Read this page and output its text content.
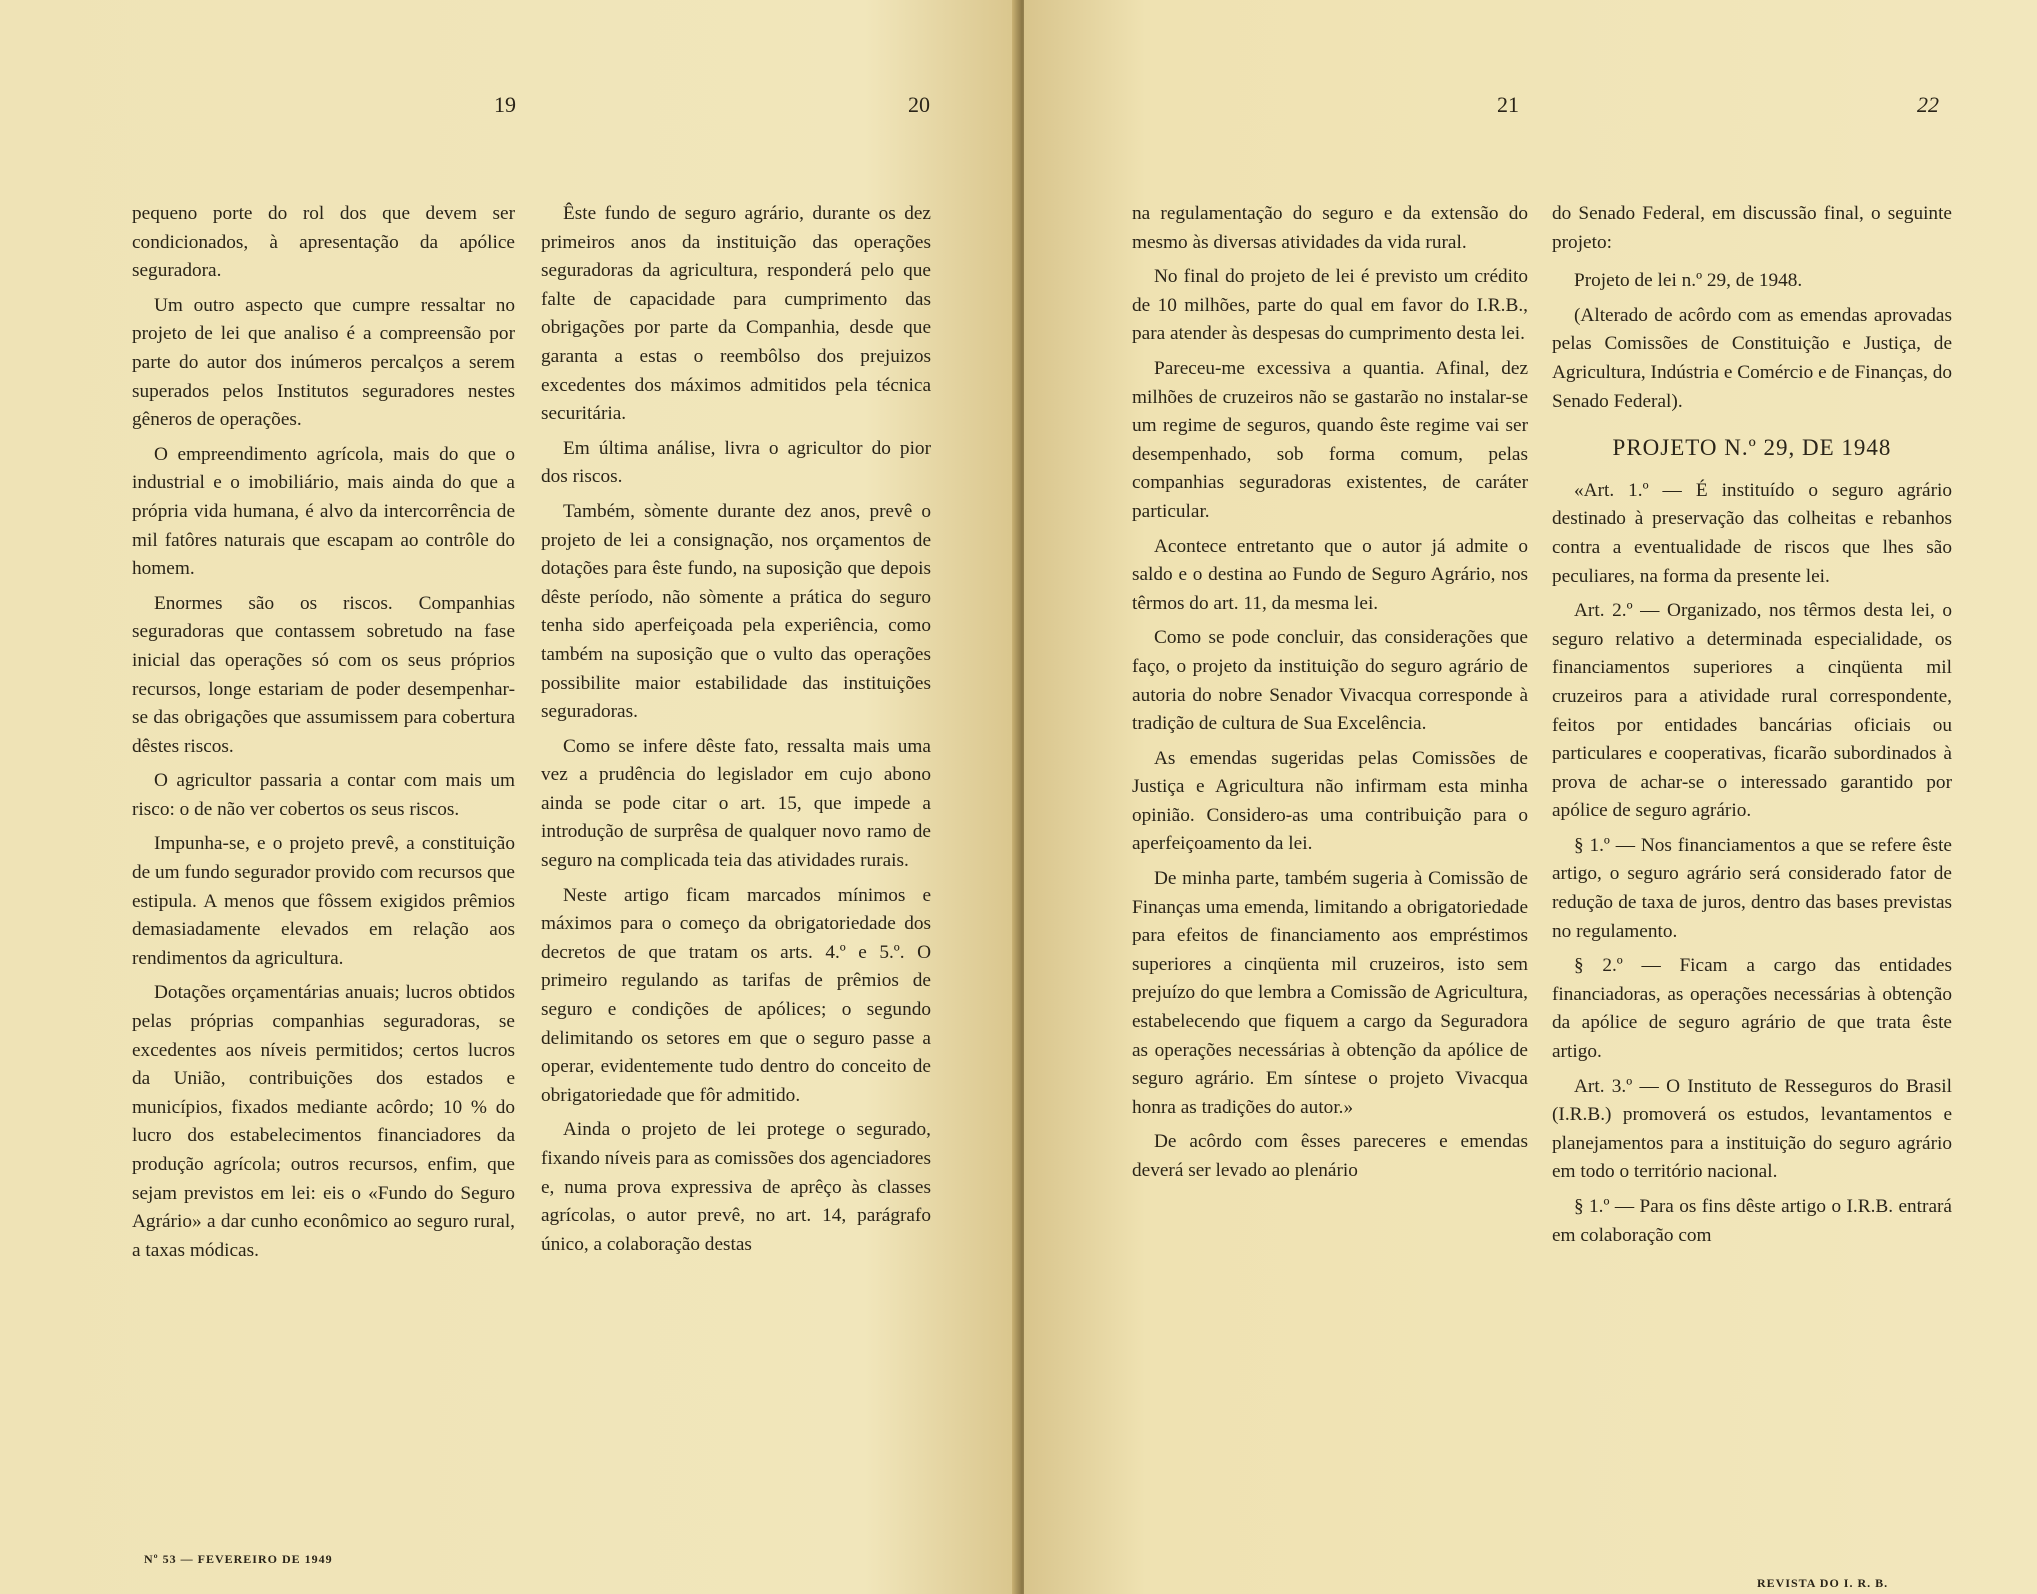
19	20

pequeno porte do rol dos que devem ser condicionados, à apresentação da apólice seguradora.

Um outro aspecto que cumpre ressaltar no projeto de lei que analiso é a compreensão por parte do autor dos inúmeros percalços a serem superados pelos Institutos seguradores nestes gêneros de operações.

O empreendimento agrícola, mais do que o industrial e o imobiliário, mais ainda do que a própria vida humana, é alvo da intercorrência de mil fatôres naturais que escapam ao contrôle do homem.

Enormes são os riscos. Companhias seguradoras que contassem sobretudo na fase inicial das operações só com os seus próprios recursos, longe estariam de poder desempenhar-se das obrigações que assumissem para cobertura dêstes riscos.

O agricultor passaria a contar com mais um risco: o de não ver cobertos os seus riscos.

Impunha-se, e o projeto prevê, a constituição de um fundo segurador provido com recursos que estipula. A menos que fôssem exigidos prêmios demasiadamente elevados em relação aos rendimentos da agricultura.

Dotações orçamentárias anuais; lucros obtidos pelas próprias companhias seguradoras, se excedentes aos níveis permitidos; certos lucros da União, contribuições dos estados e municípios, fixados mediante acôrdo; 10 % do lucro dos estabelecimentos financiadores da produção agrícola; outros recursos, enfim, que sejam previstos em lei: eis o «Fundo do Seguro Agrário» a dar cunho econômico ao seguro rural, a taxas módicas.

Êste fundo de seguro agrário, durante os dez primeiros anos da instituição das operações seguradoras da agricultura, responderá pelo que falte de capacidade para cumprimento das obrigações por parte da Companhia, desde que garanta a estas o reembôlso dos prejuizos excedentes dos máximos admitidos pela técnica securitária.

Em última análise, livra o agricultor do pior dos riscos.

Também, sòmente durante dez anos, prevê o projeto de lei a consignação, nos orçamentos de dotações para êste fundo, na suposição que depois dêste período, não sòmente a prática do seguro tenha sido aperfeiçoada pela experiência, como também na suposição que o vulto das operações possibilite maior estabilidade das instituições seguradoras.

Como se infere dêste fato, ressalta mais uma vez a prudência do legislador em cujo abono ainda se pode citar o art. 15, que impede a introdução de surprêsa de qualquer novo ramo de seguro na complicada teia das atividades rurais.

Neste artigo ficam marcados mínimos e máximos para o começo da obrigatoriedade dos decretos de que tratam os arts. 4.º e 5.º. O primeiro regulando as tarifas de prêmios de seguro e condições de apólices; o segundo delimitando os setores em que o seguro passe a operar, evidentemente tudo dentro do conceito de obrigatoriedade que fôr admitido.

Ainda o projeto de lei protege o segurado, fixando níveis para as comissões dos agenciadores e, numa prova expressiva de aprêço às classes agrícolas, o autor prevê, no art. 14, parágrafo único, a colaboração destas

Nº 53 — FEVEREIRO DE 1949
21	22

na regulamentação do seguro e da extensão do mesmo às diversas atividades da vida rural.

No final do projeto de lei é previsto um crédito de 10 milhões, parte do qual em favor do I.R.B., para atender às despesas do cumprimento desta lei.

Pareceu-me excessiva a quantia. Afinal, dez milhões de cruzeiros não se gastarão no instalar-se um regime de seguros, quando êste regime vai ser desempenhado, sob forma comum, pelas companhias seguradoras existentes, de caráter particular.

Acontece entretanto que o autor já admite o saldo e o destina ao Fundo de Seguro Agrário, nos têrmos do art. 11, da mesma lei.

Como se pode concluir, das considerações que faço, o projeto da instituição do seguro agrário de autoria do nobre Senador Vivacqua corresponde à tradição de cultura de Sua Excelência.

As emendas sugeridas pelas Comissões de Justiça e Agricultura não infirmam esta minha opinião. Considero-as uma contribuição para o aperfeiçoamento da lei.

De minha parte, também sugeria à Comissão de Finanças uma emenda, limitando a obrigatoriedade para efeitos de financiamento aos empréstimos superiores a cinqüenta mil cruzeiros, isto sem prejuízo do que lembra a Comissão de Agricultura, estabelecendo que fiquem a cargo da Seguradora as operações necessárias à obtenção da apólice de seguro agrário. Em síntese o projeto Vivacqua honra as tradições do autor.»

De acôrdo com êsses pareceres e emendas deverá ser levado ao plenário

do Senado Federal, em discussão final, o seguinte projeto:

Projeto de lei n.º 29, de 1948.

(Alterado de acôrdo com as emendas aprovadas pelas Comissões de Constituição e Justiça, de Agricultura, Indústria e Comércio e de Finanças, do Senado Federal).

PROJETO N.º 29, DE 1948

«Art. 1.º — É instituído o seguro agrário destinado à preservação das colheitas e rebanhos contra a eventualidade de riscos que lhes são peculiares, na forma da presente lei.

Art. 2.º — Organizado, nos têrmos desta lei, o seguro relativo a determinada especialidade, os financiamentos superiores a cinqüenta mil cruzeiros para a atividade rural correspondente, feitos por entidades bancárias oficiais ou particulares e cooperativas, ficarão subordinados à prova de achar-se o interessado garantido por apólice de seguro agrário.

§ 1.º — Nos financiamentos a que se refere êste artigo, o seguro agrário será considerado fator de redução de taxa de juros, dentro das bases previstas no regulamento.

§ 2.º — Ficam a cargo das entidades financiadoras, as operações necessárias à obtenção da apólice de seguro agrário de que trata êste artigo.

Art. 3.º — O Instituto de Resseguros do Brasil (I.R.B.) promoverá os estudos, levantamentos e planejamentos para a instituição do seguro agrário em todo o território nacional.

§ 1.º — Para os fins dêste artigo o I.R.B. entrará em colaboração com

REVISTA DO I. R. B.
